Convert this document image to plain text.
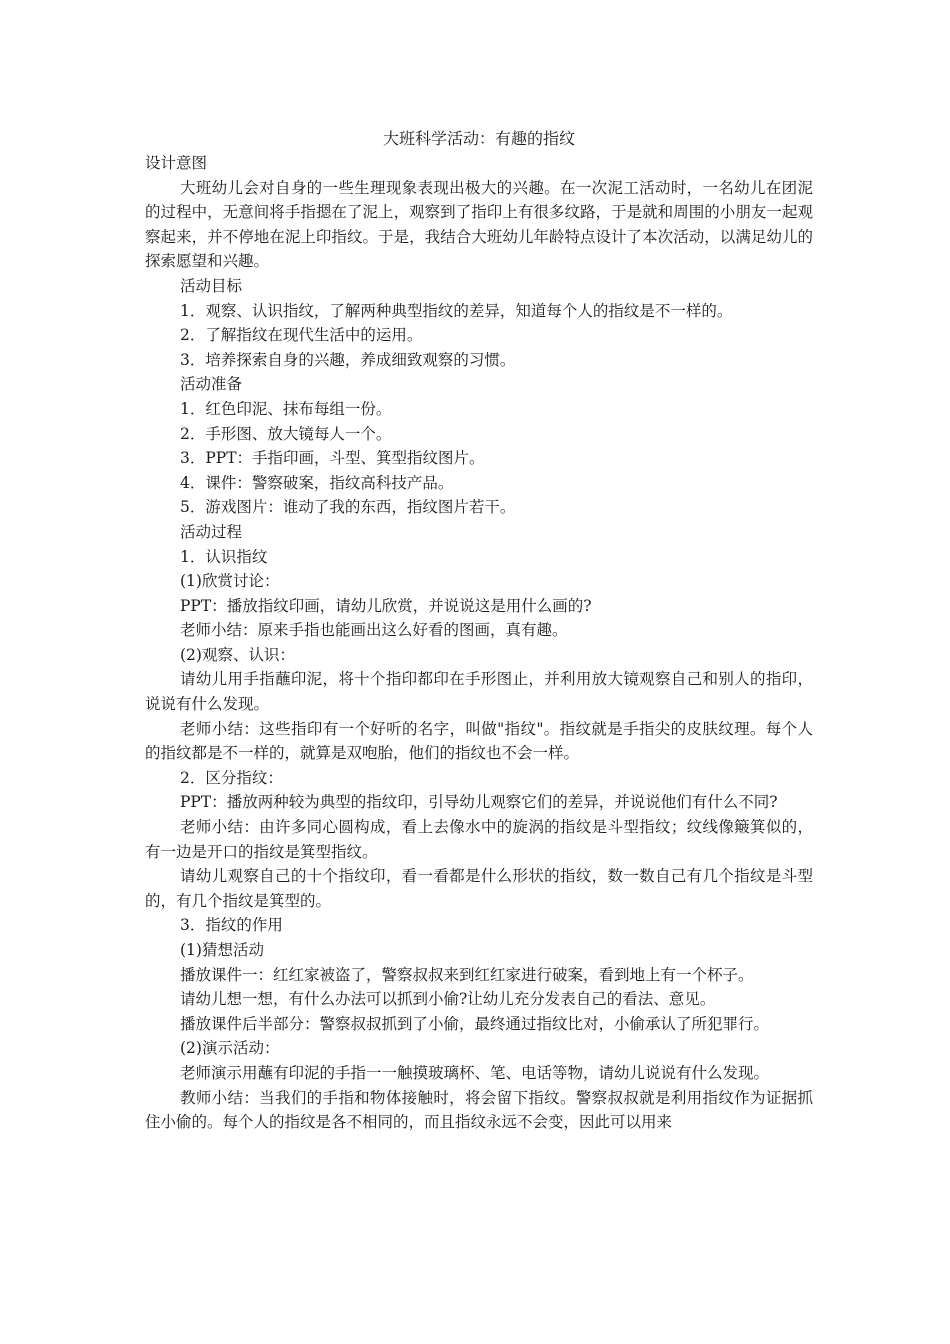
大班科学活动：有趣的指纹

设计意图

大班幼儿会对自身的一些生理现象表现出极大的兴趣。在一次泥工活动时，一名幼儿在团泥的过程中，无意间将手指摁在了泥上，观察到了指印上有很多纹路，于是就和周围的小朋友一起观察起来，并不停地在泥上印指纹。于是，我结合大班幼儿年龄特点设计了本次活动，以满足幼儿的探索愿望和兴趣。

活动目标

1．观察、认识指纹，了解两种典型指纹的差异，知道每个人的指纹是不一样的。

2．了解指纹在现代生活中的运用。

3．培养探索自身的兴趣，养成细致观察的习惯。

活动准备

1．红色印泥、抹布每组一份。

2．手形图、放大镜每人一个。

3．PPT：手指印画，斗型、箕型指纹图片。

4．课件：警察破案，指纹高科技产品。

5．游戏图片：谁动了我的东西，指纹图片若干。

活动过程

1．认识指纹

(1)欣赏讨论：

PPT：播放指纹印画，请幼儿欣赏，并说说这是用什么画的?

老师小结：原来手指也能画出这么好看的图画，真有趣。

(2)观察、认识：

请幼儿用手指蘸印泥，将十个指印都印在手形图止，并利用放大镜观察自己和别人的指印，说说有什么发现。

老师小结：这些指印有一个好听的名字，叫做"指纹"。指纹就是手指尖的皮肤纹理。每个人的指纹都是不一样的，就算是双咆胎，他们的指纹也不会一样。

2．区分指纹：

PPT：播放两种较为典型的指纹印，引导幼儿观察它们的差异，并说说他们有什么不同?

老师小结：由许多同心圆构成，看上去像水中的旋涡的指纹是斗型指纹；纹线像簸箕似的，有一边是开口的指纹是箕型指纹。

请幼儿观察自己的十个指纹印，看一看都是什么形状的指纹，数一数自己有几个指纹是斗型的，有几个指纹是箕型的。

3．指纹的作用

(1)猜想活动

播放课件一：红红家被盗了，警察叔叔来到红红家进行破案，看到地上有一个杯子。

请幼儿想一想，有什么办法可以抓到小偷?让幼儿充分发表自己的看法、意见。

播放课件后半部分：警察叔叔抓到了小偷，最终通过指纹比对，小偷承认了所犯罪行。

(2)演示活动：

老师演示用蘸有印泥的手指一一触摸玻璃杯、笔、电话等物，请幼儿说说有什么发现。

教师小结：当我们的手指和物体接触时，将会留下指纹。警察叔叔就是利用指纹作为证据抓住小偷的。每个人的指纹是各不相同的，而且指纹永远不会变，因此可以用来
